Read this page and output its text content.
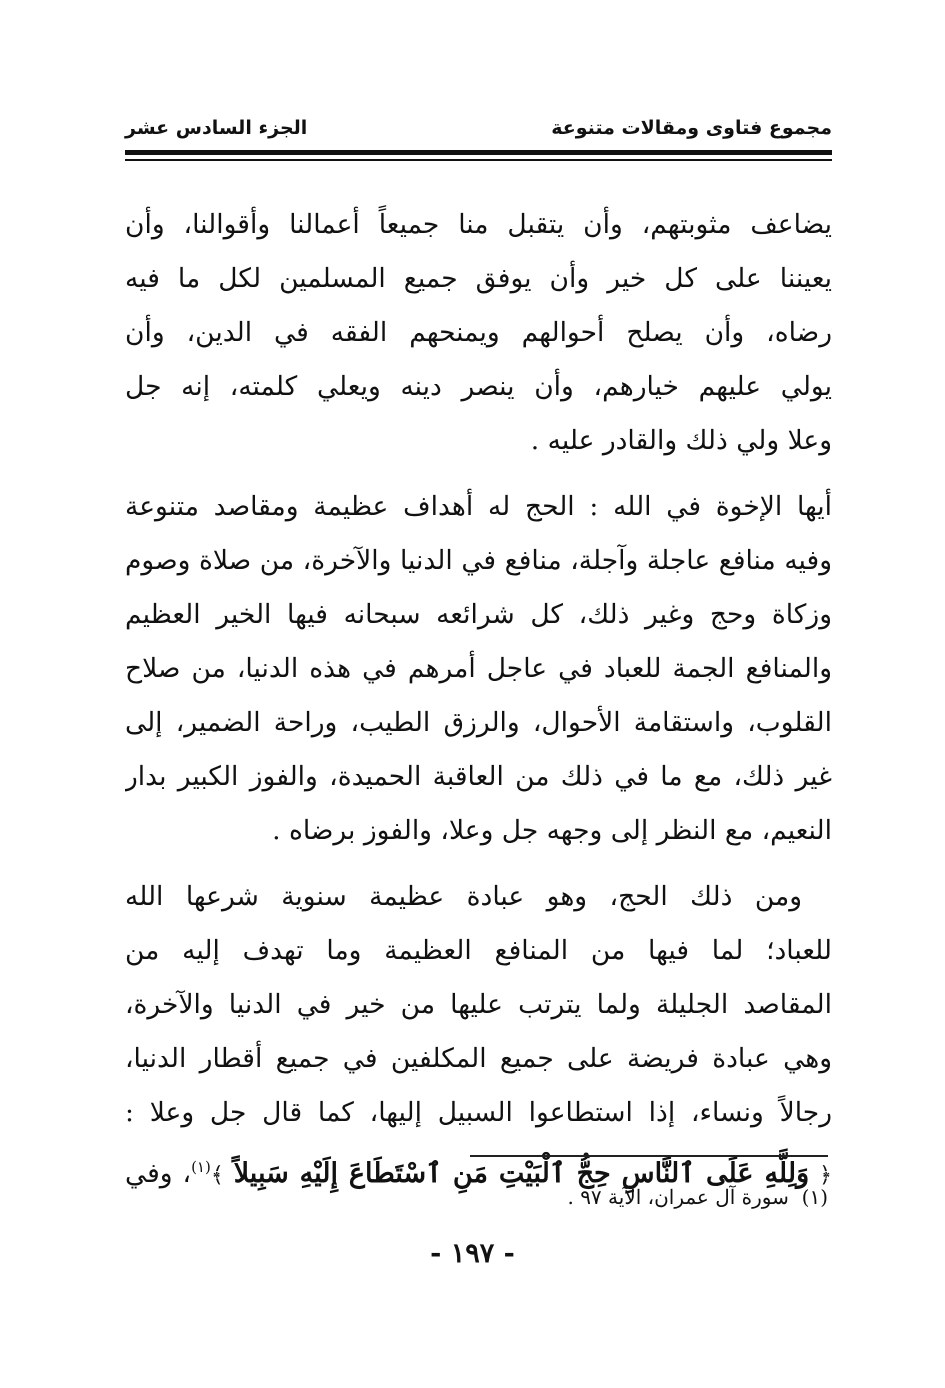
مجموع فتاوى ومقالات متنوعة
الجزء السادس عشر
يضاعف مثوبتهم، وأن يتقبل منا جميعاً أعمالنا وأقوالنا، وأن
يعيننا على كل خير وأن يوفق جميع المسلمين لكل ما فيه
رضاه، وأن يصلح أحوالهم ويمنحهم الفقه في الدين، وأن
يولي عليهم خيارهم، وأن ينصر دينه ويعلي كلمته، إنه جل
وعلا ولي ذلك والقادر عليه .
أيها الإخوة في الله : الحج له أهداف عظيمة ومقاصد متنوعة
وفيه منافع عاجلة وآجلة، منافع في الدنيا والآخرة، من صلاة وصوم
وزكاة وحج وغير ذلك، كل شرائعه سبحانه فيها الخير العظيم
والمنافع الجمة للعباد في عاجل أمرهم في هذه الدنيا، من صلاح
القلوب، واستقامة الأحوال، والرزق الطيب، وراحة الضمير، إلى
غير ذلك، مع ما في ذلك من العاقبة الحميدة، والفوز الكبير بدار
النعيم، مع النظر إلى وجهه جل وعلا، والفوز برضاه .
ومن ذلك الحج، وهو عبادة عظيمة سنوية شرعها الله
للعباد؛ لما فيها من المنافع العظيمة وما تهدف إليه من
المقاصد الجليلة ولما يترتب عليها من خير في الدنيا والآخرة،
وهي عبادة فريضة على جميع المكلفين في جميع أقطار الدنيا،
رجالاً ونساء، إذا استطاعوا السبيل إليها، كما قال جل وعلا :
﴿ وَلِلَّهِ عَلَى ٱلنَّاسِ حِجُّ ٱلْبَيْتِ مَنِ ٱسْتَطَاعَ إِلَيْهِ سَبِيلاً ﴾$^{(١)}$، وفي
(١)  سورة آل عمران، الآية ٩٧ .
- ١٩٧ -
